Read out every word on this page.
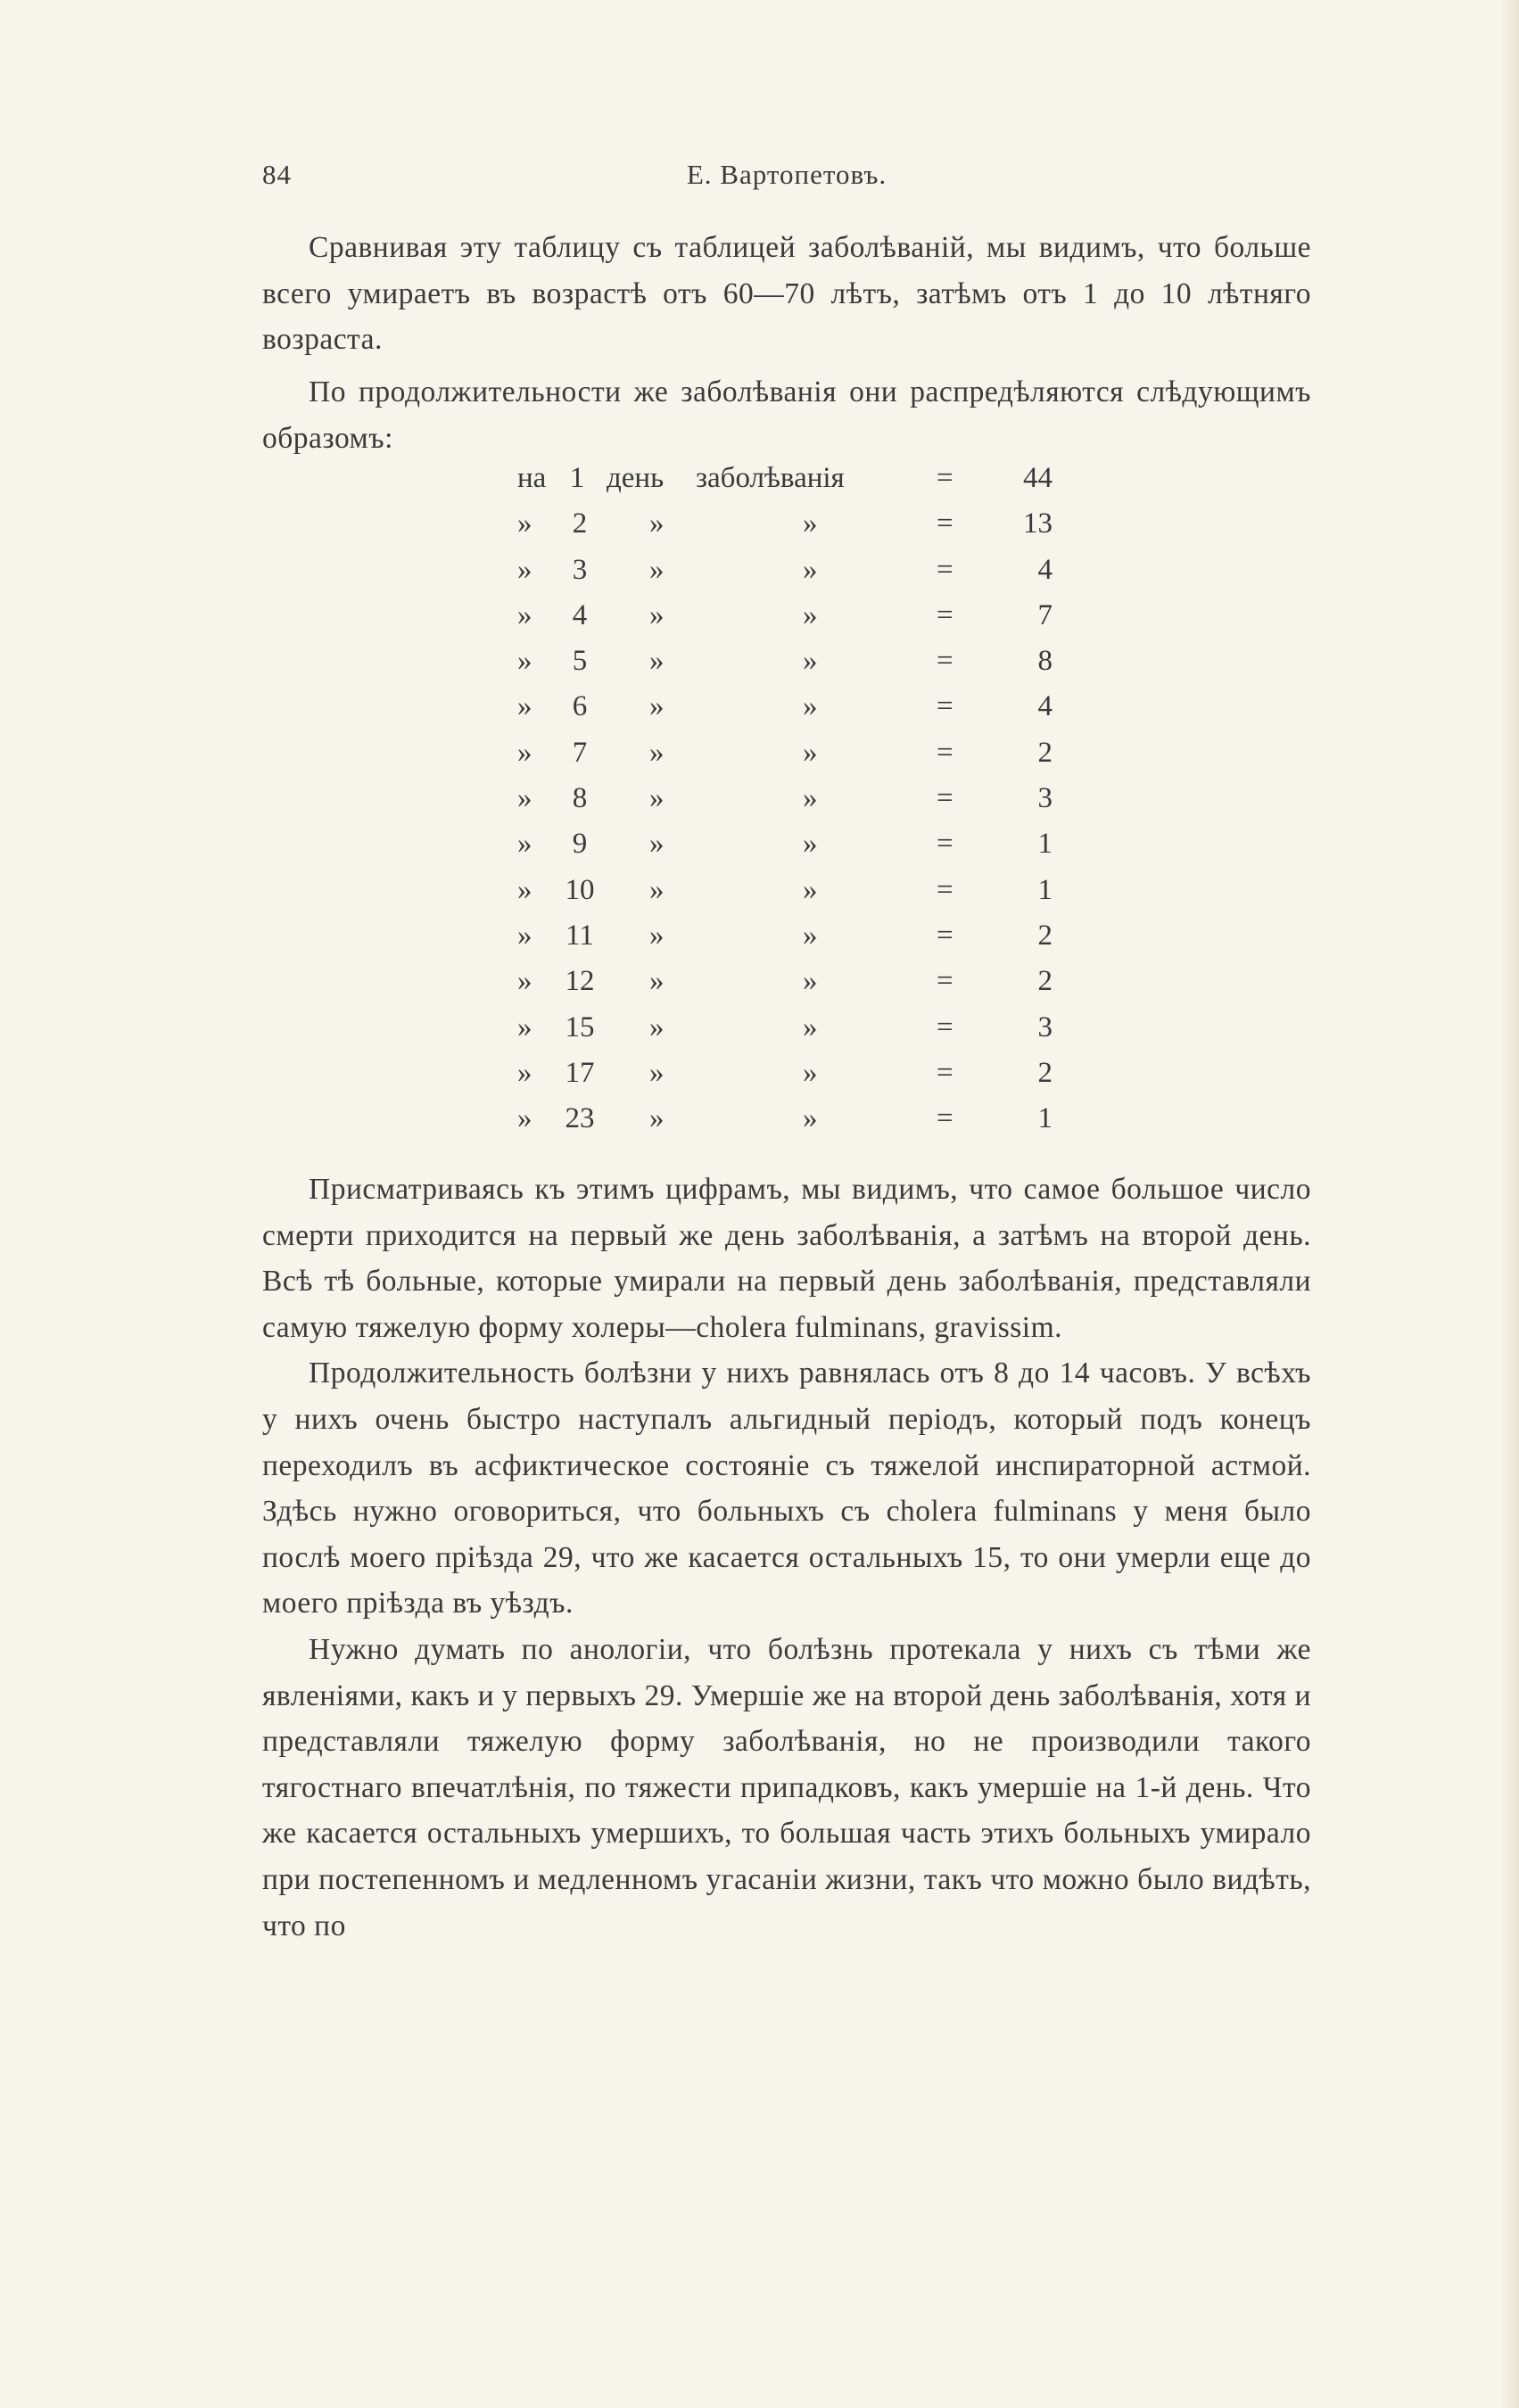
84	Е. Вартопетовъ.

Сравнивая эту таблицу съ таблицей заболѣваній, мы видимъ, что больше всего умираетъ въ возрастѣ отъ 60—70 лѣтъ, затѣмъ отъ 1 до 10 лѣтняго возраста.

По продолжительности же заболѣванія они распредѣляются слѣдующимъ образомъ:

на 1 день заболѣванія	=	44
»	2	»	»	=	13
»	3	»	»	=	4
»	4	»	»	=	7
»	5	»	»	=	8
»	6	»	»	=	4
»	7	»	»	=	2
»	8	»	»	=	3
»	9	»	»	=	1
»	10	»	»	=	1
»	11	»	»	=	2
»	12	»	»	=	2
»	15	»	»	=	3
»	17	»	»	=	2
»	23	»	»	=	1

Присматриваясь къ этимъ цифрамъ, мы видимъ, что самое большое число смерти приходится на первый же день заболѣванія, а затѣмъ на второй день. Всѣ тѣ больные, которые умирали на первый день заболѣванія, представляли самую тяжелую форму холеры—cholera fulminans, gravissim.

Продолжительность болѣзни у нихъ равнялась отъ 8 до 14 часовъ. У всѣхъ у нихъ очень быстро наступалъ альгидный періодъ, который подъ конецъ переходилъ въ асфиктическое состояніе съ тяжелой инспираторной астмой. Здѣсь нужно оговориться, что больныхъ съ cholera fulminans у меня было послѣ моего пріѣзда 29, что же касается остальныхъ 15, то они умерли еще до моего пріѣзда въ уѣздъ.

Нужно думать по анологіи, что болѣзнь протекала у нихъ съ тѣми же явленіями, какъ и у первыхъ 29. Умершіе же на второй день заболѣванія, хотя и представляли тяжелую форму заболѣванія, но не производили такого тягостнаго впечатлѣнія, по тяжести припадковъ, какъ умершіе на 1-й день. Что же касается остальныхъ умершихъ, то большая часть этихъ больныхъ умирало при постепенномъ и медленномъ угасаніи жизни, такъ что можно было видѣть, что по
